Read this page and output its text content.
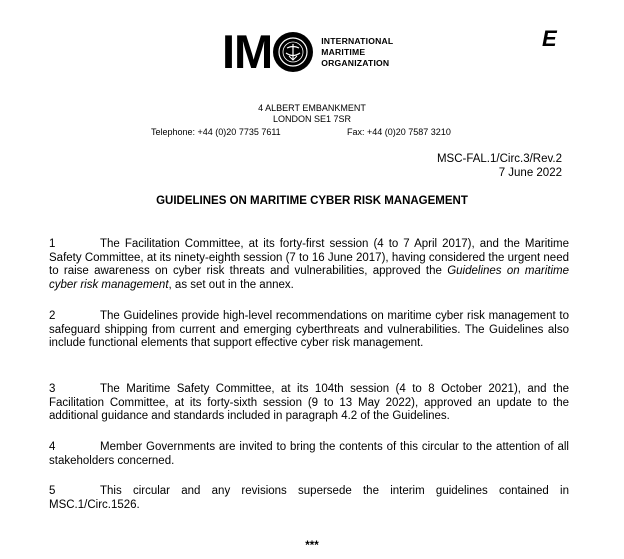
IM	INTERNATIONAL
MARITIME
ORGANIZATION
E
4 ALBERT EMBANKMENT
LONDON SE1 7SR
Telephone: +44 (0)20 7735 7611	Fax: +44 (0)20 7587 3210
MSC-FAL.1/Circ.3/Rev.2
7 June 2022
GUIDELINES ON MARITIME CYBER RISK MANAGEMENT
1	The Facilitation Committee, at its forty-first session (4 to 7 April 2017), and the Maritime Safety Committee, at its ninety-eighth session (7 to 16 June 2017), having considered the urgent need to raise awareness on cyber risk threats and vulnerabilities, approved the Guidelines on maritime cyber risk management, as set out in the annex.
2	The Guidelines provide high-level recommendations on maritime cyber risk management to safeguard shipping from current and emerging cyberthreats and vulnerabilities. The Guidelines also include functional elements that support effective cyber risk management.
3	The Maritime Safety Committee, at its 104th session (4 to 8 October 2021), and the Facilitation Committee, at its forty-sixth session (9 to 13 May 2022), approved an update to the additional guidance and standards included in paragraph 4.2 of the Guidelines.
4	Member Governments are invited to bring the contents of this circular to the attention of all stakeholders concerned.
5	This circular and any revisions supersede the interim guidelines contained in MSC.1/Circ.1526.
***
